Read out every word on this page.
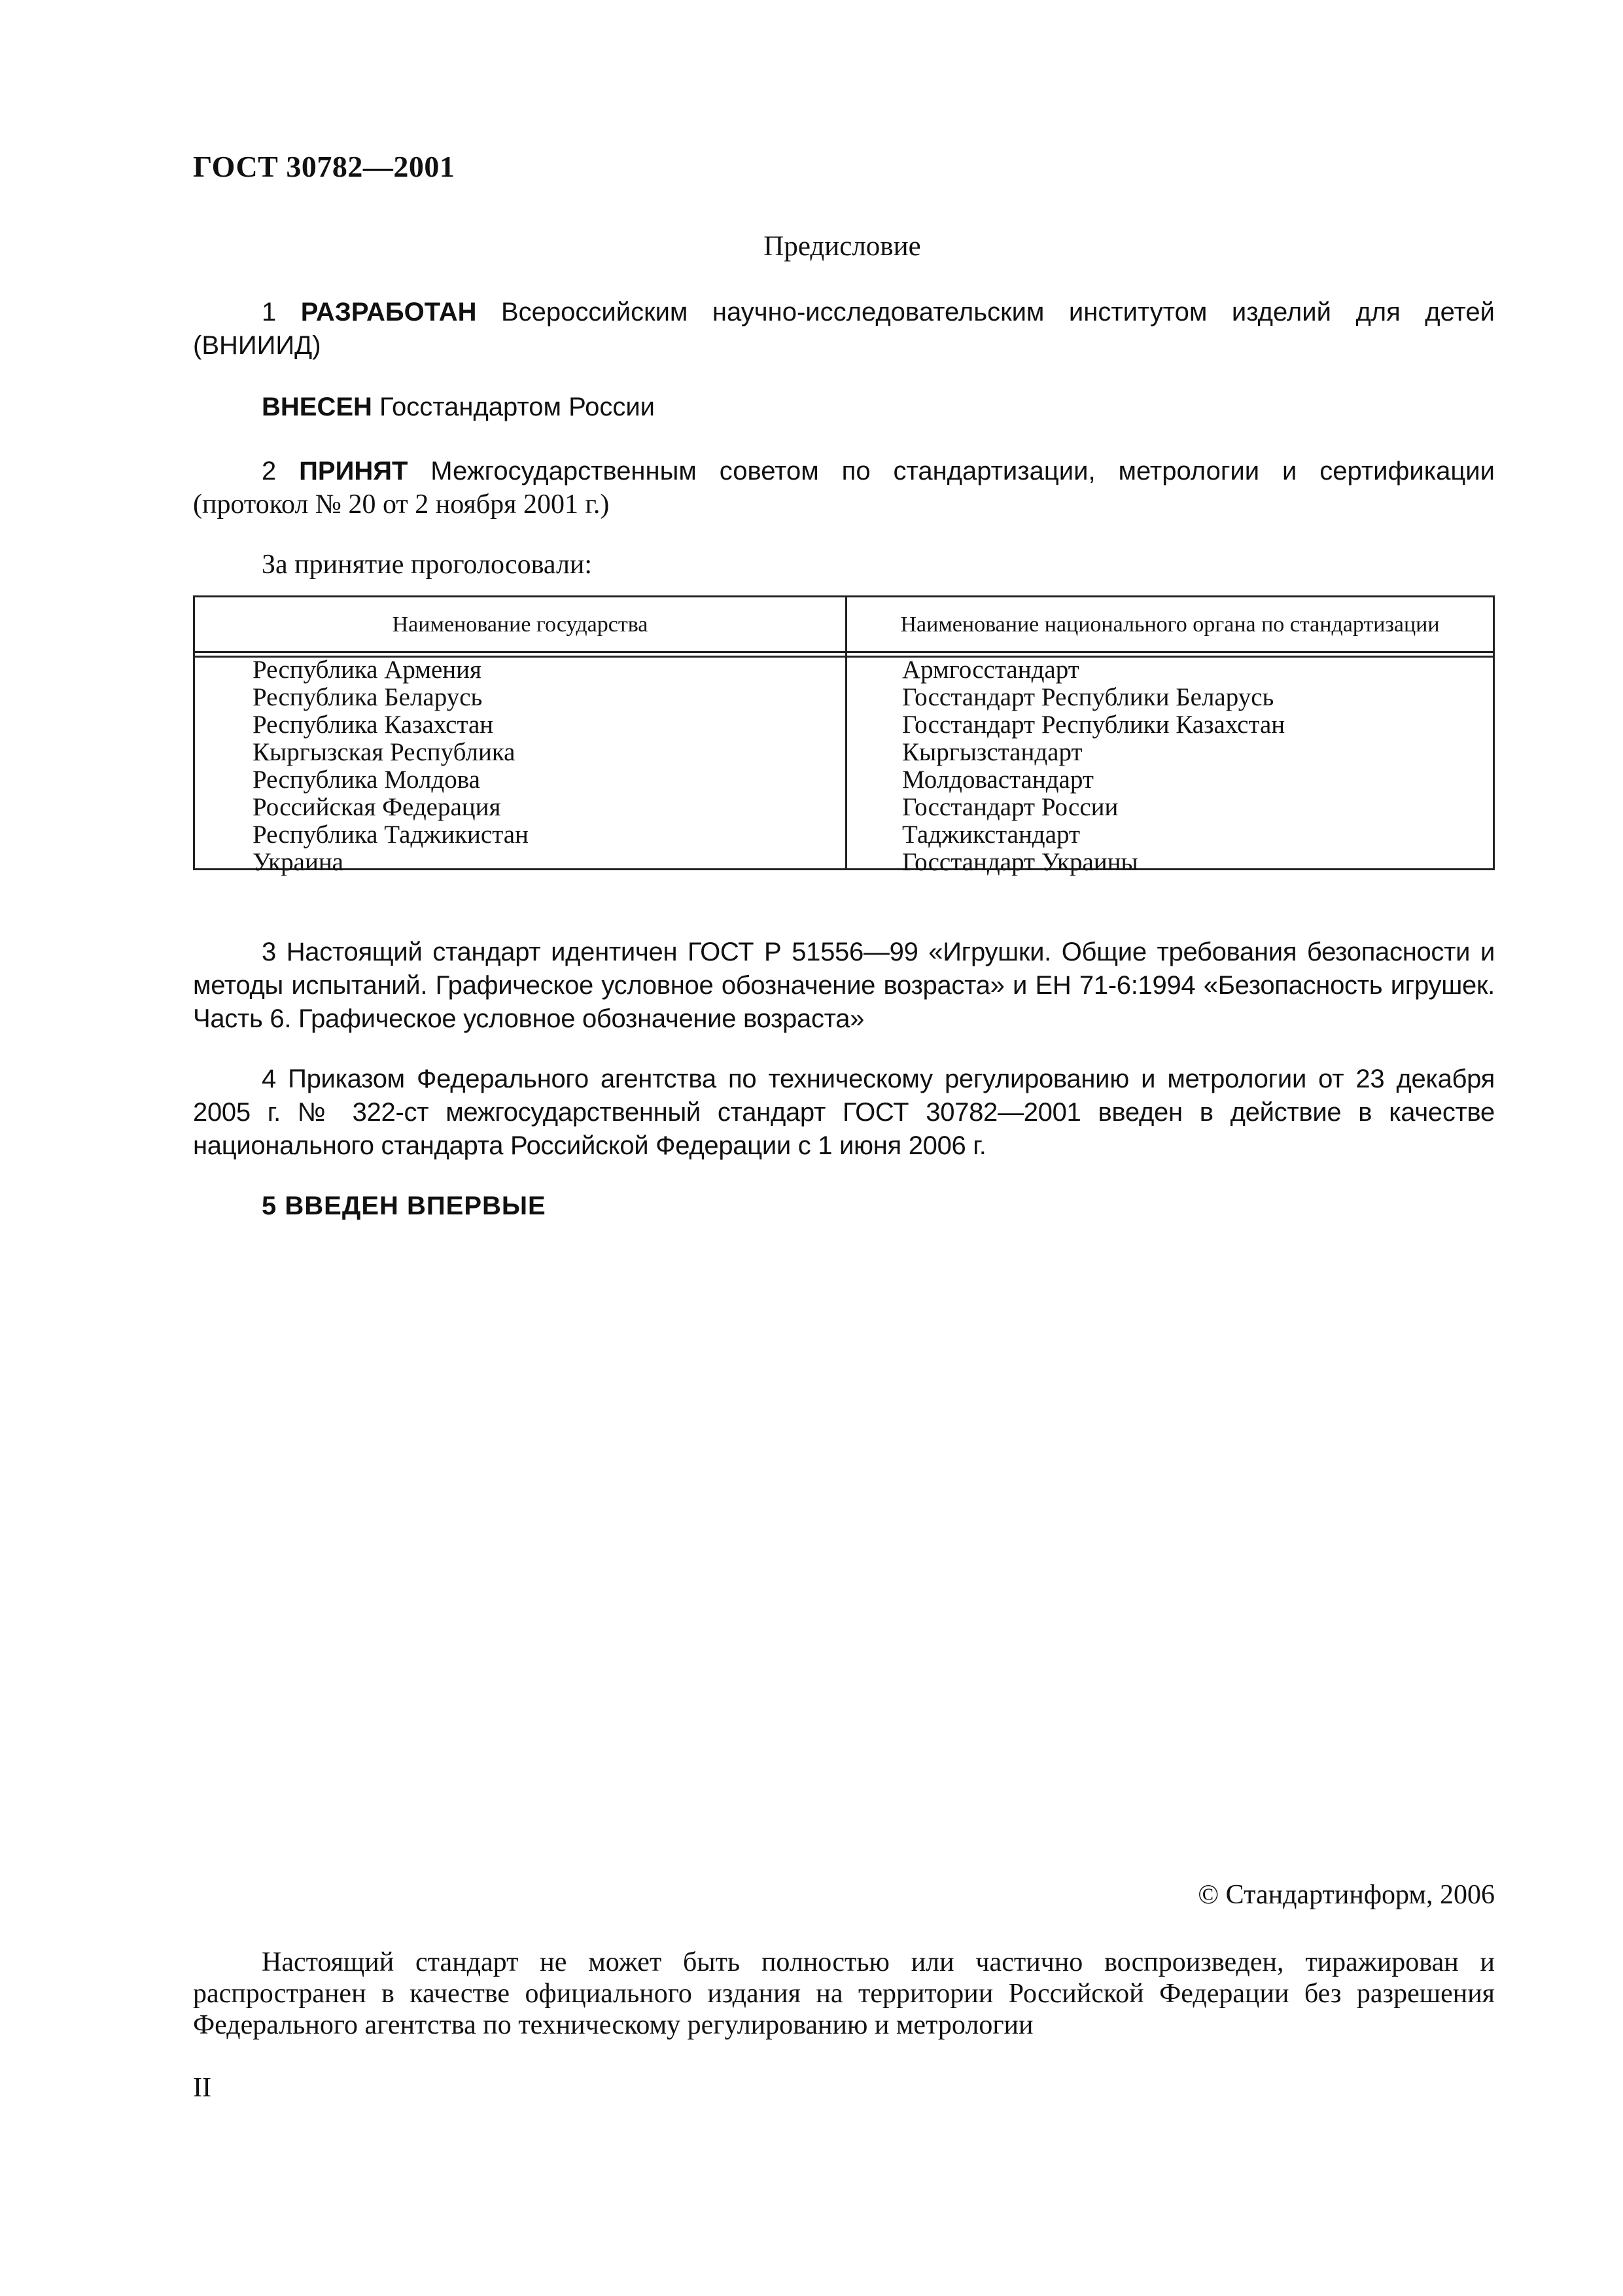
ГОСТ 30782—2001
Предисловие
1 РАЗРАБОТАН Всероссийским научно-исследовательским институтом изделий для детей
(ВНИИИД)
ВНЕСЕН Госстандартом России
2 ПРИНЯТ Межгосударственным советом по стандартизации, метрологии и сертификации
(протокол № 20 от 2 ноября 2001 г.)
За принятие проголосовали:
Наименование государства	Наименование национального органа по стандартизации
Республика Армения
Республика Беларусь
Республика Казахстан
Кыргызская Республика
Республика Молдова
Российская Федерация
Республика Таджикистан
Украина
Армгосстандарт
Госстандарт Республики Беларусь
Госстандарт Республики Казахстан
Кыргызстандарт
Молдовастандарт
Госстандарт России
Таджикстандарт
Госстандарт Украины
3 Настоящий стандарт идентичен ГОСТ Р 51556—99 «Игрушки. Общие требования безопасности и методы испытаний. Графическое условное обозначение возраста» и ЕН 71-6:1994 «Безопасность игрушек. Часть 6. Графическое условное обозначение возраста»
4 Приказом Федерального агентства по техническому регулированию и метрологии от 23 декабря 2005 г. № 322-ст межгосударственный стандарт ГОСТ 30782—2001 введен в действие в качестве национального стандарта Российской Федерации с 1 июня 2006 г.
5 ВВЕДЕН ВПЕРВЫЕ
© Стандартинформ, 2006
Настоящий стандарт не может быть полностью или частично воспроизведен, тиражирован и распространен в качестве официального издания на территории Российской Федерации без разрешения Федерального агентства по техническому регулированию и метрологии
II
